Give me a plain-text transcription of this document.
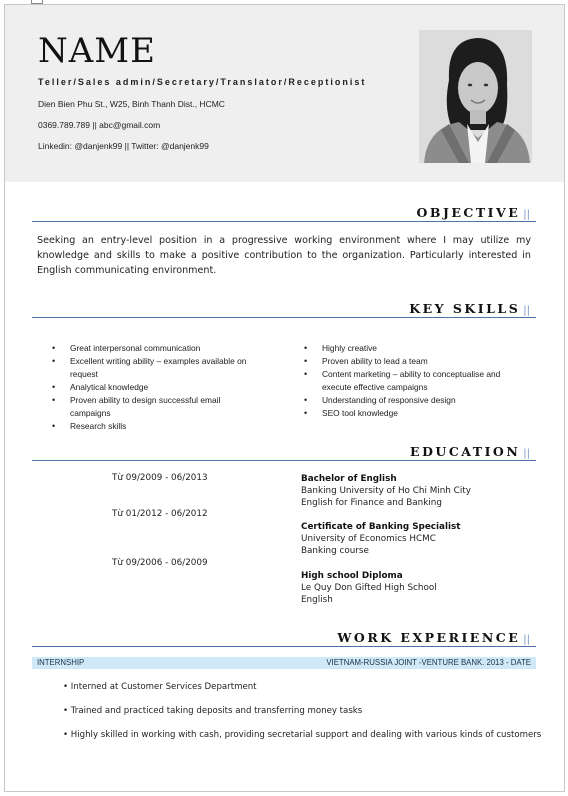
NAME
Teller/Sales admin/Secretary/Translator/Receptionist
Dien Bien Phu St., W25, Binh Thanh Dist., HCMC
0369.789.789 || abc@gmail.com
Linkedin: @danjenk99 || Twitter: @danjenk99
OBJECTIVE ||
Seeking an entry-level position in a progressive working environment where I may utilize my knowledge and skills to make a positive contribution to the organization. Particularly interested in English communicating environment.
KEY SKILLS ||
• Great interpersonal communication
• Excellent writing ability – examples available on request
• Analytical knowledge
• Proven ability to design successful email campaigns
• Research skills
• Highly creative
• Proven ability to lead a team
• Content marketing – ability to conceptualise and execute effective campaigns
• Understanding of responsive design
• SEO tool knowledge
EDUCATION ||
Từ 09/2009 - 06/2013	Bachelor of English
Banking University of Ho Chi Minh City
English for Finance and Banking
Từ 01/2012 - 06/2012
Certificate of Banking Specialist
University of Economics HCMC
Banking course
Từ 09/2006 - 06/2009
High school Diploma
Le Quy Don Gifted High School
English
WORK EXPERIENCE ||
INTERNSHIP	VIETNAM-RUSSIA JOINT -VENTURE BANK. 2013 - DATE
• Interned at Customer Services Department
• Trained and practiced taking deposits and transferring money tasks
• Highly skilled in working with cash, providing secretarial support and dealing with various kinds of customers
